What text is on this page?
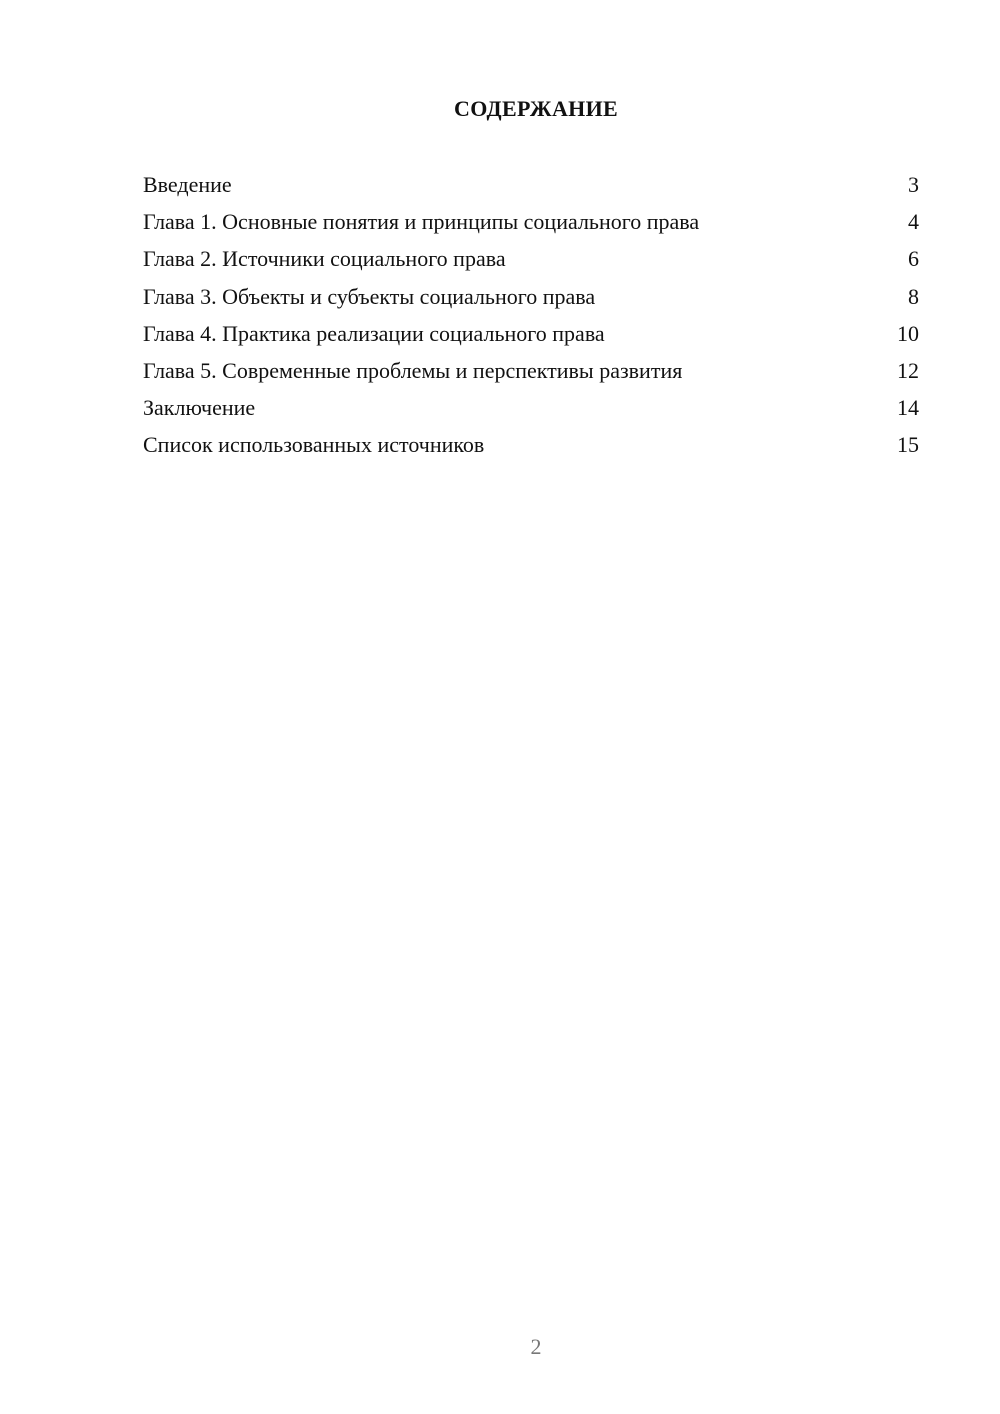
СОДЕРЖАНИЕ
Введение	3
Глава 1. Основные понятия и принципы социального права	4
Глава 2. Источники социального права	6
Глава 3. Объекты и субъекты социального права	8
Глава 4. Практика реализации социального права	10
Глава 5. Современные проблемы и перспективы развития	12
Заключение	14
Список использованных источников	15
2
